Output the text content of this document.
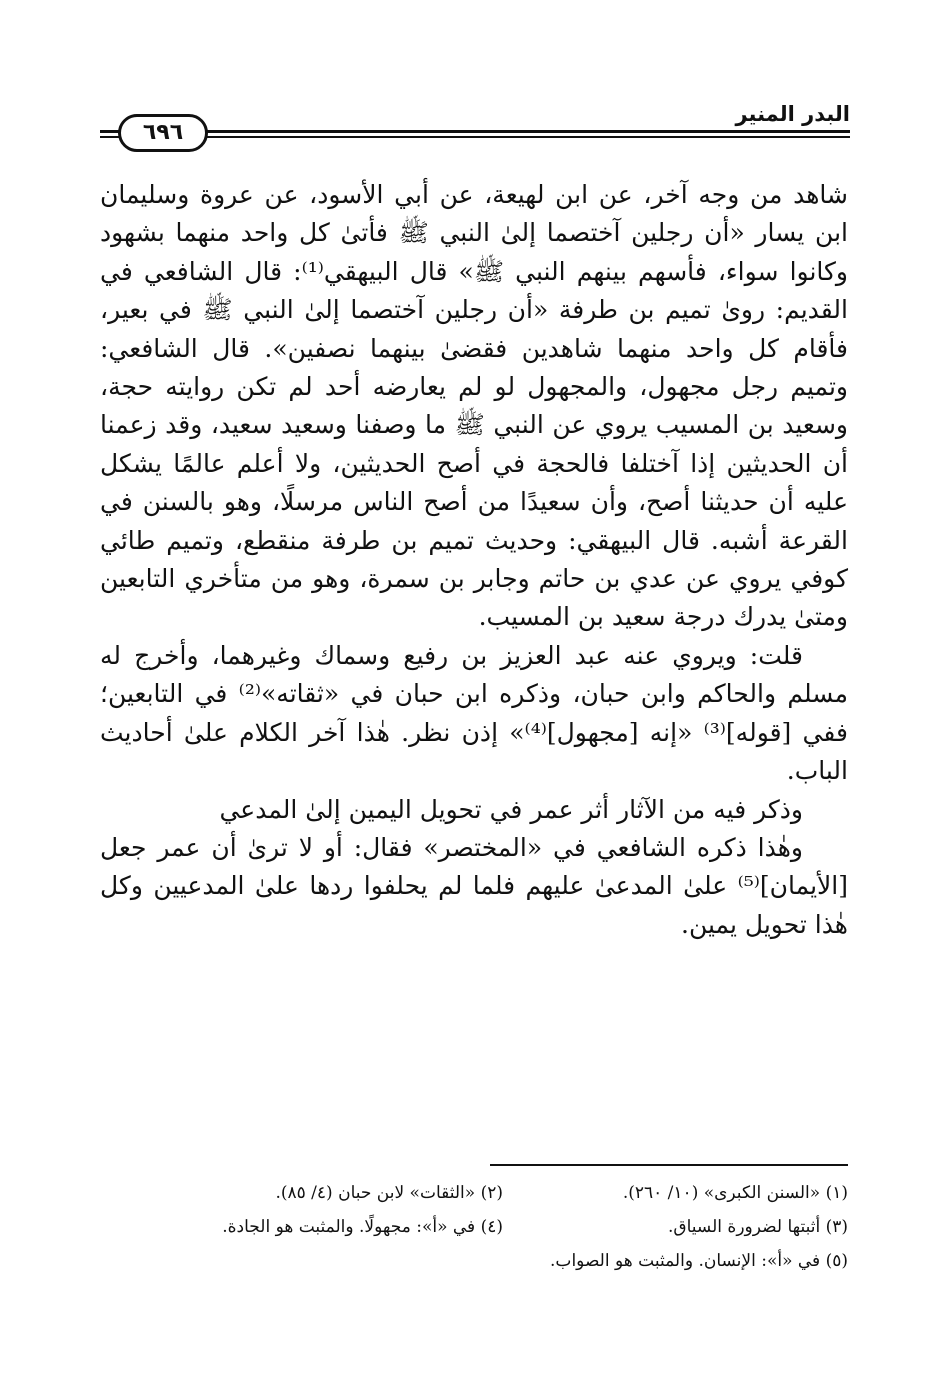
البدر المنير
٦٩٦

شاهد من وجه آخر، عن ابن لهيعة، عن أبي الأسود، عن عروة وسليمان ابن يسار «أن رجلين آختصما إلىٰ النبي ﷺ فأتىٰ كل واحد منهما بشهود وكانوا سواء، فأسهم بينهم النبي ﷺ» قال البيهقي⁽¹⁾: قال الشافعي في القديم: روىٰ تميم بن طرفة «أن رجلين آختصما إلىٰ النبي ﷺ في بعير، فأقام كل واحد منهما شاهدين فقضىٰ بينهما نصفين». قال الشافعي: وتميم رجل مجهول، والمجهول لو لم يعارضه أحد لم تكن روايته حجة، وسعيد بن المسيب يروي عن النبي ﷺ ما وصفنا وسعيد سعيد، وقد زعمنا أن الحديثين إذا آختلفا فالحجة في أصح الحديثين، ولا أعلم عالمًا يشكل عليه أن حديثنا أصح، وأن سعيدًا من أصح الناس مرسلًا، وهو بالسنن في القرعة أشبه. قال البيهقي: وحديث تميم بن طرفة منقطع، وتميم طائي كوفي يروي عن عدي بن حاتم وجابر بن سمرة، وهو من متأخري التابعين ومتىٰ يدرك درجة سعيد بن المسيب.

قلت: ويروي عنه عبد العزيز بن رفيع وسماك وغيرهما، وأخرج له مسلم والحاكم وابن حبان، وذكره ابن حبان في «ثقاته»⁽²⁾ في التابعين؛ ففي [قوله]⁽³⁾ «إنه [مجهول]⁽⁴⁾» إذن نظر. هٰذا آخر الكلام علىٰ أحاديث الباب.

وذكر فيه من الآثار أثر عمر في تحويل اليمين إلىٰ المدعي

وهٰذا ذكره الشافعي في «المختصر» فقال: أو لا ترىٰ أن عمر جعل [الأيمان]⁽⁵⁾ علىٰ المدعىٰ عليهم فلما لم يحلفوا ردها علىٰ المدعيين وكل هٰذا تحويل يمين.

(١) «السنن الكبرى» (١٠/ ٢٦٠).
(٢) «الثقات» لابن حبان (٤/ ٨٥).
(٣) أثبتها لضرورة السياق.
(٤) في «أ»: مجهولًا. والمثبت هو الجادة.
(٥) في «أ»: الإنسان. والمثبت هو الصواب.
